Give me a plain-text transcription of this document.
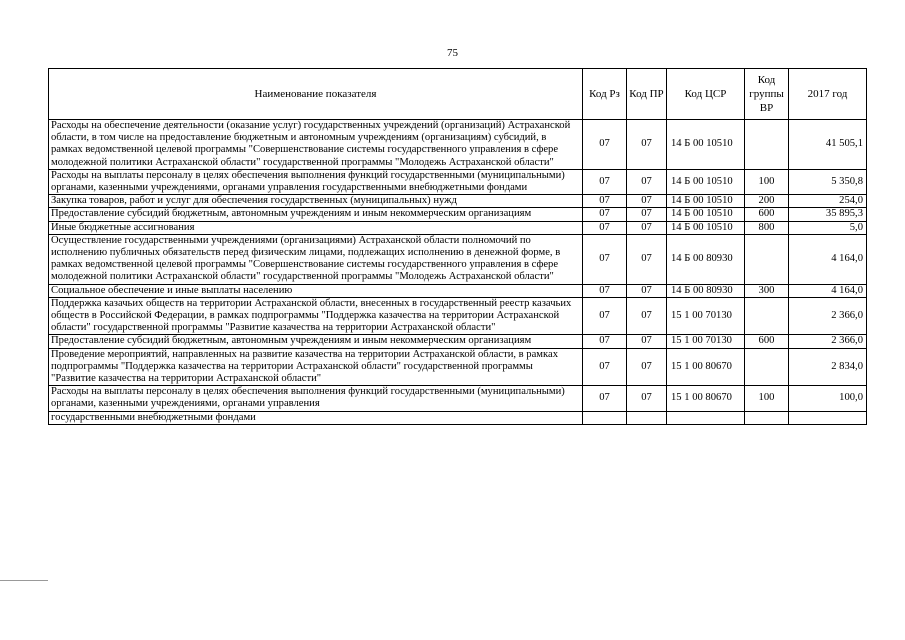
75
Наименование показателя	Код Рз	Код ПР	Код ЦСР	Код группы ВР	2017 год
Расходы на обеспечение деятельности (оказание услуг) государственных учреждений (организаций) Астраханской области, в том числе на предоставление бюджетным и автономным учреждениям (организациям) субсидий, в рамках ведомственной целевой программы "Совершенствование системы государственного управления в сфере молодежной политики Астраханской области" государственной программы "Молодежь Астраханской области"	07	07	14 Б 00 10510		41 505,1
Расходы на выплаты персоналу в целях обеспечения выполнения функций государственными (муниципальными) органами, казенными учреждениями, органами управления государственными внебюджетными фондами	07	07	14 Б 00 10510	100	5 350,8
Закупка товаров, работ и услуг для обеспечения государственных (муниципальных) нужд	07	07	14 Б 00 10510	200	254,0
Предоставление субсидий бюджетным, автономным учреждениям и иным некоммерческим организациям	07	07	14 Б 00 10510	600	35 895,3
Иные бюджетные ассигнования	07	07	14 Б 00 10510	800	5,0
Осуществление государственными учреждениями (организациями) Астраханской области полномочий по исполнению публичных обязательств перед физическим лицами, подлежащих исполнению в денежной форме, в рамках ведомственной целевой программы "Совершенствование системы государственного управления в сфере молодежной политики Астраханской области" государственной программы "Молодежь Астраханской области"	07	07	14 Б 00 80930		4 164,0
Социальное обеспечение и иные выплаты населению	07	07	14 Б 00 80930	300	4 164,0
Поддержка казачьих обществ на территории Астраханской области, внесенных в государственный реестр казачьих обществ в Российской Федерации, в рамках подпрограммы "Поддержка казачества на территории Астраханской области" государственной программы "Развитие казачества на территории Астраханской области"	07	07	15 1 00 70130		2 366,0
Предоставление субсидий бюджетным, автономным учреждениям и иным некоммерческим организациям	07	07	15 1 00 70130	600	2 366,0
Проведение мероприятий, направленных на развитие казачества на территории Астраханской области, в рамках подпрограммы "Поддержка казачества на территории Астраханской области" государственной программы "Развитие казачества на территории Астраханской области"	07	07	15 1 00 80670		2 834,0
Расходы на выплаты персоналу в целях обеспечения выполнения функций государственными (муниципальными) органами, казенными учреждениями, органами управления	07	07	15 1 00 80670	100	100,0
государственными внебюджетными фондами					
